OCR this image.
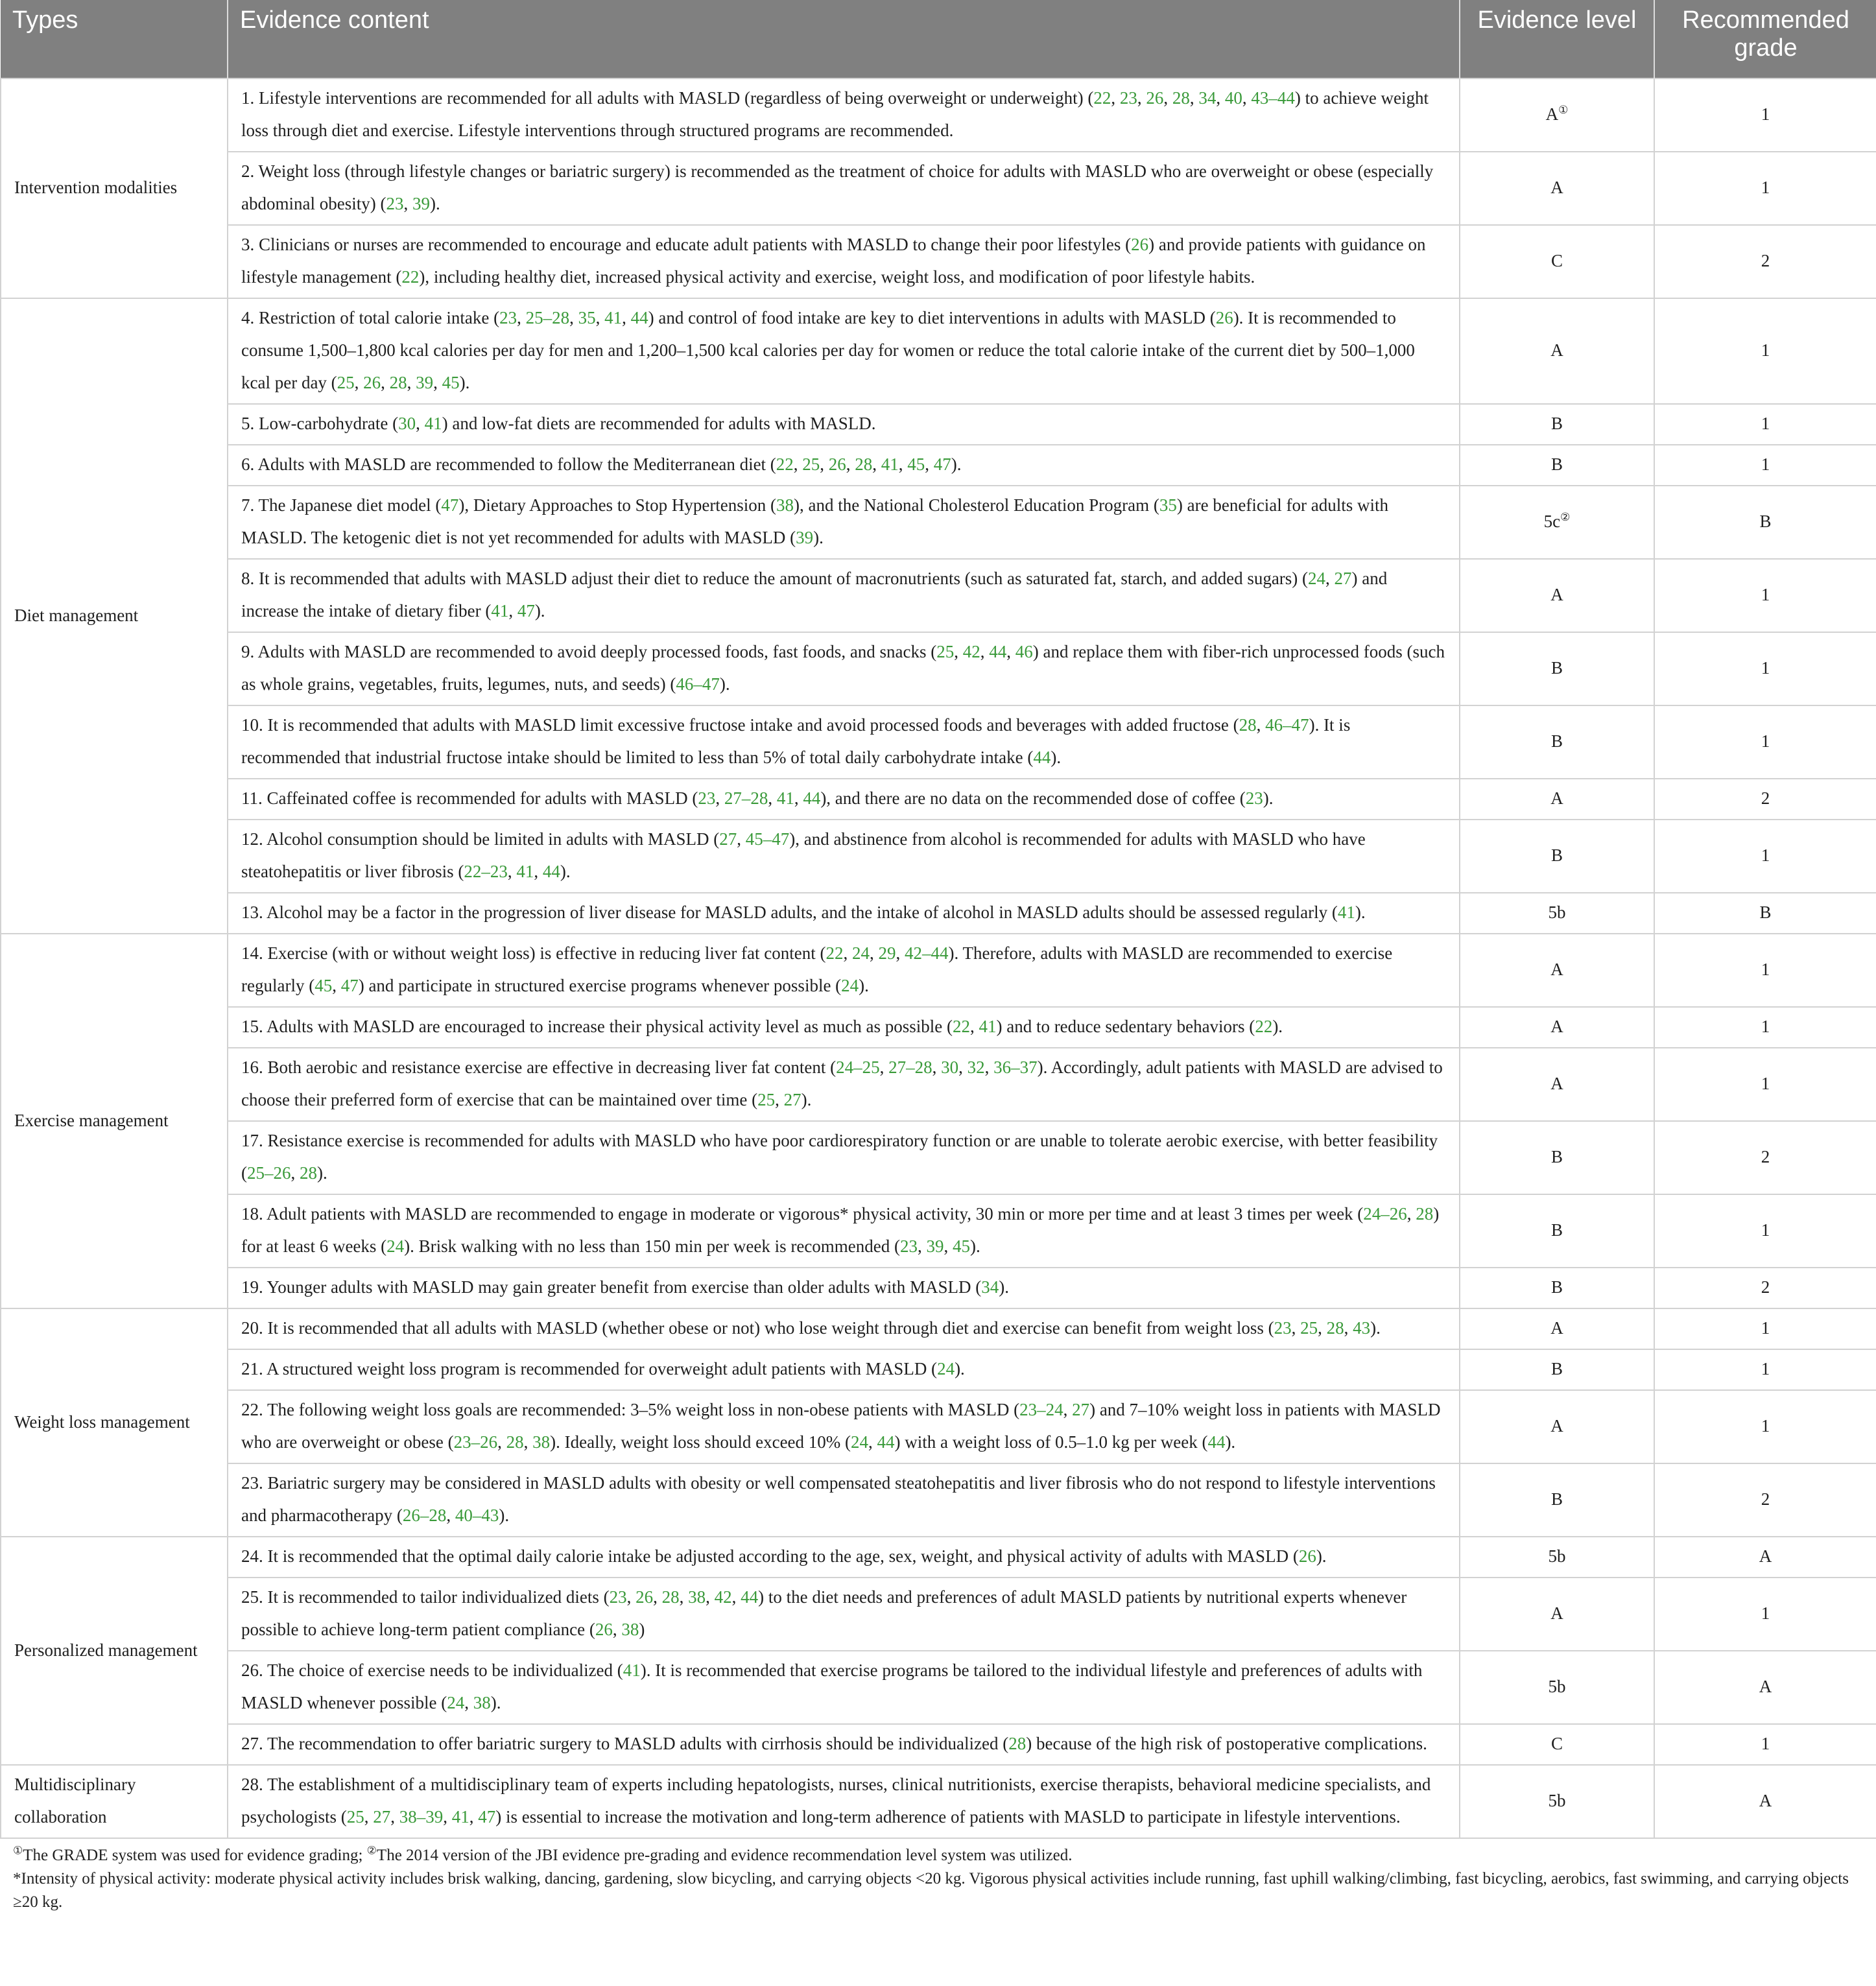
Types	Evidence content	Evidence level	Recommended grade
Intervention modalities	1. Lifestyle interventions are recommended for all adults with MASLD (regardless of being overweight or underweight) (22, 23, 26, 28, 34, 40, 43–44) to achieve weight loss through diet and exercise. Lifestyle interventions through structured programs are recommended.	A①	1
	2. Weight loss (through lifestyle changes or bariatric surgery) is recommended as the treatment of choice for adults with MASLD who are overweight or obese (especially abdominal obesity) (23, 39).	A	1
	3. Clinicians or nurses are recommended to encourage and educate adult patients with MASLD to change their poor lifestyles (26) and provide patients with guidance on lifestyle management (22), including healthy diet, increased physical activity and exercise, weight loss, and modification of poor lifestyle habits.	C	2
Diet management	4. Restriction of total calorie intake (23, 25–28, 35, 41, 44) and control of food intake are key to diet interventions in adults with MASLD (26). It is recommended to consume 1,500–1,800 kcal calories per day for men and 1,200–1,500 kcal calories per day for women or reduce the total calorie intake of the current diet by 500–1,000 kcal per day (25, 26, 28, 39, 45).	A	1
	5. Low-carbohydrate (30, 41) and low-fat diets are recommended for adults with MASLD.	B	1
	6. Adults with MASLD are recommended to follow the Mediterranean diet (22, 25, 26, 28, 41, 45, 47).	B	1
	7. The Japanese diet model (47), Dietary Approaches to Stop Hypertension (38), and the National Cholesterol Education Program (35) are beneficial for adults with MASLD. The ketogenic diet is not yet recommended for adults with MASLD (39).	5c②	B
	8. It is recommended that adults with MASLD adjust their diet to reduce the amount of macronutrients (such as saturated fat, starch, and added sugars) (24, 27) and increase the intake of dietary fiber (41, 47).	A	1
	9. Adults with MASLD are recommended to avoid deeply processed foods, fast foods, and snacks (25, 42, 44, 46) and replace them with fiber-rich unprocessed foods (such as whole grains, vegetables, fruits, legumes, nuts, and seeds) (46–47).	B	1
	10. It is recommended that adults with MASLD limit excessive fructose intake and avoid processed foods and beverages with added fructose (28, 46–47). It is recommended that industrial fructose intake should be limited to less than 5% of total daily carbohydrate intake (44).	B	1
	11. Caffeinated coffee is recommended for adults with MASLD (23, 27–28, 41, 44), and there are no data on the recommended dose of coffee (23).	A	2
	12. Alcohol consumption should be limited in adults with MASLD (27, 45–47), and abstinence from alcohol is recommended for adults with MASLD who have steatohepatitis or liver fibrosis (22–23, 41, 44).	B	1
	13. Alcohol may be a factor in the progression of liver disease for MASLD adults, and the intake of alcohol in MASLD adults should be assessed regularly (41).	5b	B
Exercise management	14. Exercise (with or without weight loss) is effective in reducing liver fat content (22, 24, 29, 42–44). Therefore, adults with MASLD are recommended to exercise regularly (45, 47) and participate in structured exercise programs whenever possible (24).	A	1
	15. Adults with MASLD are encouraged to increase their physical activity level as much as possible (22, 41) and to reduce sedentary behaviors (22).	A	1
	16. Both aerobic and resistance exercise are effective in decreasing liver fat content (24–25, 27–28, 30, 32, 36–37). Accordingly, adult patients with MASLD are advised to choose their preferred form of exercise that can be maintained over time (25, 27).	A	1
	17. Resistance exercise is recommended for adults with MASLD who have poor cardiorespiratory function or are unable to tolerate aerobic exercise, with better feasibility (25–26, 28).	B	2
	18. Adult patients with MASLD are recommended to engage in moderate or vigorous* physical activity, 30 min or more per time and at least 3 times per week (24–26, 28) for at least 6 weeks (24). Brisk walking with no less than 150 min per week is recommended (23, 39, 45).	B	1
	19. Younger adults with MASLD may gain greater benefit from exercise than older adults with MASLD (34).	B	2
Weight loss management	20. It is recommended that all adults with MASLD (whether obese or not) who lose weight through diet and exercise can benefit from weight loss (23, 25, 28, 43).	A	1
	21. A structured weight loss program is recommended for overweight adult patients with MASLD (24).	B	1
	22. The following weight loss goals are recommended: 3–5% weight loss in non-obese patients with MASLD (23–24, 27) and 7–10% weight loss in patients with MASLD who are overweight or obese (23–26, 28, 38). Ideally, weight loss should exceed 10% (24, 44) with a weight loss of 0.5–1.0 kg per week (44).	A	1
	23. Bariatric surgery may be considered in MASLD adults with obesity or well compensated steatohepatitis and liver fibrosis who do not respond to lifestyle interventions and pharmacotherapy (26–28, 40–43).	B	2
Personalized management	24. It is recommended that the optimal daily calorie intake be adjusted according to the age, sex, weight, and physical activity of adults with MASLD (26).	5b	A
	25. It is recommended to tailor individualized diets (23, 26, 28, 38, 42, 44) to the diet needs and preferences of adult MASLD patients by nutritional experts whenever possible to achieve long-term patient compliance (26, 38)	A	1
	26. The choice of exercise needs to be individualized (41). It is recommended that exercise programs be tailored to the individual lifestyle and preferences of adults with MASLD whenever possible (24, 38).	5b	A
	27. The recommendation to offer bariatric surgery to MASLD adults with cirrhosis should be individualized (28) because of the high risk of postoperative complications.	C	1
Multidisciplinary collaboration	28. The establishment of a multidisciplinary team of experts including hepatologists, nurses, clinical nutritionists, exercise therapists, behavioral medicine specialists, and psychologists (25, 27, 38–39, 41, 47) is essential to increase the motivation and long-term adherence of patients with MASLD to participate in lifestyle interventions.	5b	A

①The GRADE system was used for evidence grading; ②The 2014 version of the JBI evidence pre-grading and evidence recommendation level system was utilized.

*Intensity of physical activity: moderate physical activity includes brisk walking, dancing, gardening, slow bicycling, and carrying objects <20 kg. Vigorous physical activities include running, fast uphill walking/climbing, fast bicycling, aerobics, fast swimming, and carrying objects ≥20 kg.
